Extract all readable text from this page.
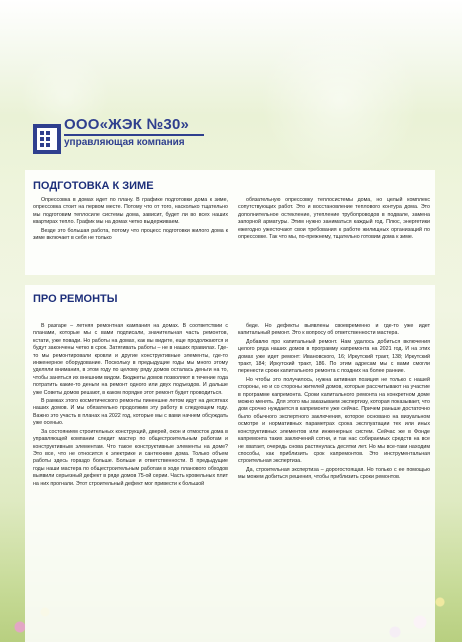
ООО«ЖЭК №30»
управляющая компания
ПОДГОТОВКА К ЗИМЕ

Опрессовка в домах идет по плану. В графике подготовки дома к зиме, опрессовка стоит на первом месте. Потому что от того, насколько тщательно мы подготовим теплосиле системы дома, зависит, будет ли во всех наших квартирах тепло. График мы на домах четко выдерживаем.

Везде это большая работа, потому что процесс подготовки жилого дома к зиме включает в себя не только

обязательную опрессовку теплосистемы дома, но целый комплекс сопутствующих работ. Это и восстановление теплового контура дома. Это дополнительное остекление, утепление трубопроводов в подвале, замена запорной арматуры. Этим нужно заниматься каждый год. Плюс, энергетики ежегодно ужесточают свои требования к работе жилищных организаций по опрессовке. Так что мы, по-прежнему, тщательно готовим дома к зиме.

ПРО РЕМОНТЫ

В разгаре – летняя ремонтная кампания на домах. В соответствии с планами, которые мы с вами подписали, значительная часть ремонтов, кстати, уже повади. Но работы на домах, как вы видите, еще продолжаются и будут закончены четко в срок. Затягивать работы – не в наших правилах. Где-то мы ремонтировали кровли и другие конструктивные элементы, где-то инженерное оборудование. Поскольку в предыдущие годы мы много этому уделяли внимания, в этом году по целому ряду домов осталась деньги на то, чтобы заняться их внешним видом. Бюджеты домов позволяют в течение года потратить какие-то деньги на ремонт одного или двух подъездов. И дальше уже Советы домов решают, в каком порядке этот ремонт будет проводиться.

В рамках этого косметического ремонты пиненшне летом идут на десятках наших домов. И мы обязательно продолжим эту работу в следующем году. Важно это участь в планах на 2022 год, которые мы с вами начнем обсуждать уже осенью.

За состоянием строительных конструкций, дверей, окон и отмосток дома в управляющей компании следит мастер по общестроительным работам и конструктивным элементам. Что такое конструктивные элементы на доме? Это все, что не относится к электрике и сантехнике дома. Только объем работы здесь гораздо больше. Больше и ответственности. В предыдущие годы наши мастера по общестроительным работам в ходе планового обходов выявили серьезный дефект в ряде домов 75-ой серии. Часть кровельных плит на них прогнали. Этот строительный дефект мог привести к большой

беде. Но дефекты выявлены своевременно и где-то уже идет капитальный ремонт. Это к вопросу об ответственности мастера.

Добавлю про капитальный ремонт. Нам удалось добиться включения целого ряда наших домов в программу капремонта на 2021 год. И на этих домах уже идет ремонт: Ивановского, 16; Иркутский тракт, 138; Иркутский тракт, 184; Иркутский тракт, 186. По этим адресам мы с вами смогли перенести сроки капитального ремонта с поздних на более ранние.

Но чтобы это получилось, нужна активная позиция не только с нашей стороны, но и со стороны жителей домов, которые рассчитывают на участие в программе капремонта. Сроки капитального ремонта на конкретном доме можно менять. Для этого мы заказываем экспертизу, которая показывает, что дом срочно нуждается в капремонте уже сейчас. Причем раньше достаточно было обычного экспертного заключения, которое основано на визуальном осмотре и нормативных параметрах срока эксплуатации тех или иных конструктивных элементов или инженерных систем. Сейчас же в Фонде капремонта таких заключений сотни, и так нас собираемых средств на все не хватает, очередь снова растянулась десятки лет. Но мы все-таки находим способы, как приблизить срок капремонтов. Это инструментальная строительная экспертиза.

Да, строительная экспертиза – дорогостоящая. Но только с ее помощью мы можем добиться решения, чтобы приблизить сроки ремонтов.
